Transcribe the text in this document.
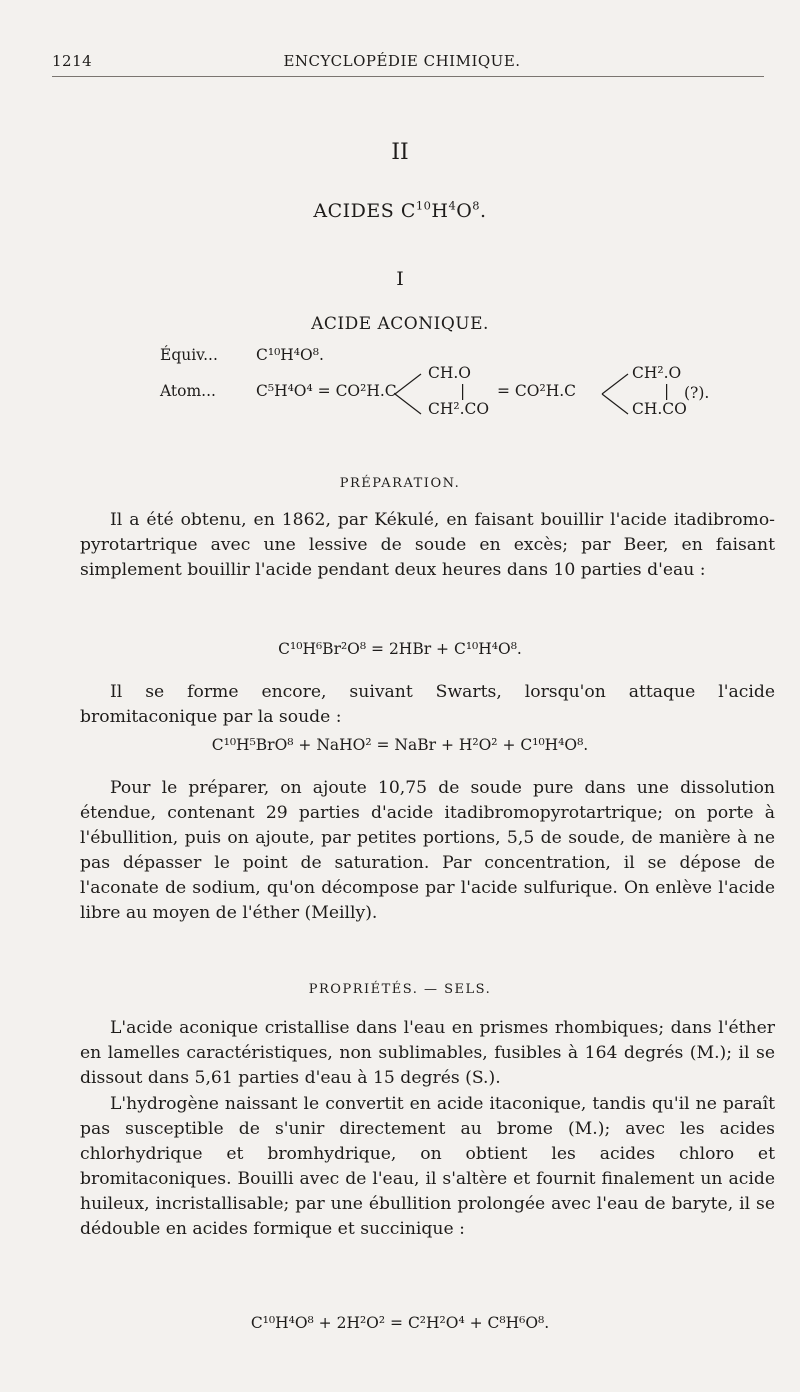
1214	ENCYCLOPÉDIE CHIMIQUE.
II
ACIDES $C^{10}H^4O^8$.
I
ACIDE ACONIQUE.
Équiv... C¹⁰H⁴O⁸.
Atom...	C⁵H⁴O⁴ = CO²H.C
CH.O
|
CH².CO
= CO²H.C
CH².O
|
CH.CO
(?).
PRÉPARATION.
Il a été obtenu, en 1862, par Kékulé, en faisant bouillir l'acide itadibromo-pyrotartrique avec une lessive de soude en excès; par Beer, en faisant simplement bouillir l'acide pendant deux heures dans 10 parties d'eau :
C¹⁰H⁶Br²O⁸ = 2HBr + C¹⁰H⁴O⁸.
Il se forme encore, suivant Swarts, lorsqu'on attaque l'acide bromitaconique par la soude :
C¹⁰H⁵BrO⁸ + NaHO² = NaBr + H²O² + C¹⁰H⁴O⁸.
Pour le préparer, on ajoute 10,75 de soude pure dans une dissolution étendue, contenant 29 parties d'acide itadibromopyrotartrique; on porte à l'ébullition, puis on ajoute, par petites portions, 5,5 de soude, de manière à ne pas dépasser le point de saturation. Par concentration, il se dépose de l'aconate de sodium, qu'on décompose par l'acide sulfurique. On enlève l'acide libre au moyen de l'éther (Meilly).
PROPRIÉTÉS. — SELS.
L'acide aconique cristallise dans l'eau en prismes rhombiques; dans l'éther en lamelles caractéristiques, non sublimables, fusibles à 164 degrés (M.); il se dissout dans 5,61 parties d'eau à 15 degrés (S.).
L'hydrogène naissant le convertit en acide itaconique, tandis qu'il ne paraît pas susceptible de s'unir directement au brome (M.); avec les acides chlorhydrique et bromhydrique, on obtient les acides chloro et bromitaconiques. Bouilli avec de l'eau, il s'altère et fournit finalement un acide huileux, incristallisable; par une ébullition prolongée avec l'eau de baryte, il se dédouble en acides formique et succinique :
C¹⁰H⁴O⁸ + 2H²O² = C²H²O⁴ + C⁸H⁶O⁸.
